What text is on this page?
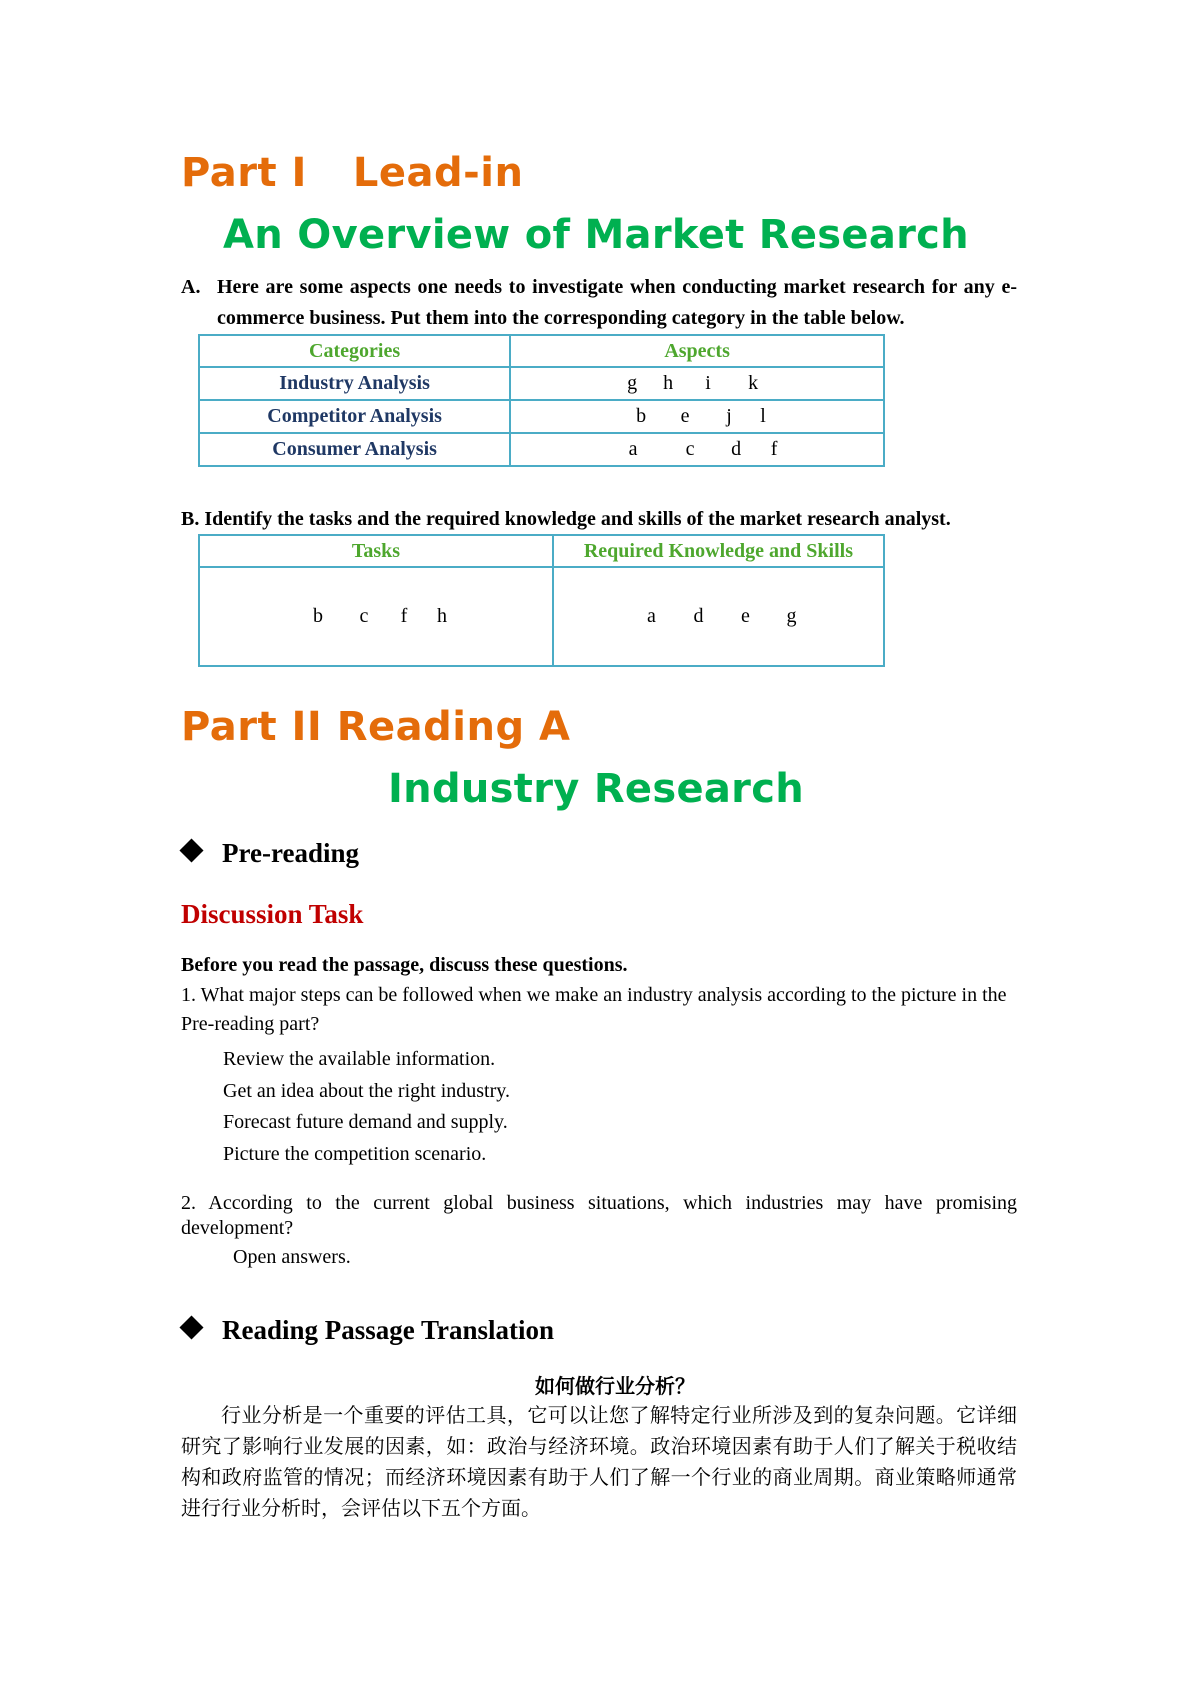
Part I Lead-in
An Overview of Market Research
A. Here are some aspects one needs to investigate when conducting market research for any e-commerce business. Put them into the corresponding category in the table below.
Categories	Aspects
Industry Analysis	g h i k
Competitor Analysis	b e j l
Consumer Analysis	a c d f
B. Identify the tasks and the required knowledge and skills of the market research analyst.
Tasks	Required Knowledge and Skills
b c f h	a d e g
Part II Reading A
Industry Research
Pre-reading
Discussion Task
Before you read the passage, discuss these questions.
1. What major steps can be followed when we make an industry analysis according to the picture in the Pre-reading part?
Review the available information.
Get an idea about the right industry.
Forecast future demand and supply.
Picture the competition scenario.
2. According to the current global business situations, which industries may have promising development?
Open answers.
Reading Passage Translation
如何做行业分析？
行业分析是一个重要的评估工具，它可以让您了解特定行业所涉及到的复杂问题。它详细研究了影响行业发展的因素，如：政治与经济环境。政治环境因素有助于人们了解关于税收结构和政府监管的情况；而经济环境因素有助于人们了解一个行业的商业周期。商业策略师通常进行行业分析时，会评估以下五个方面。
